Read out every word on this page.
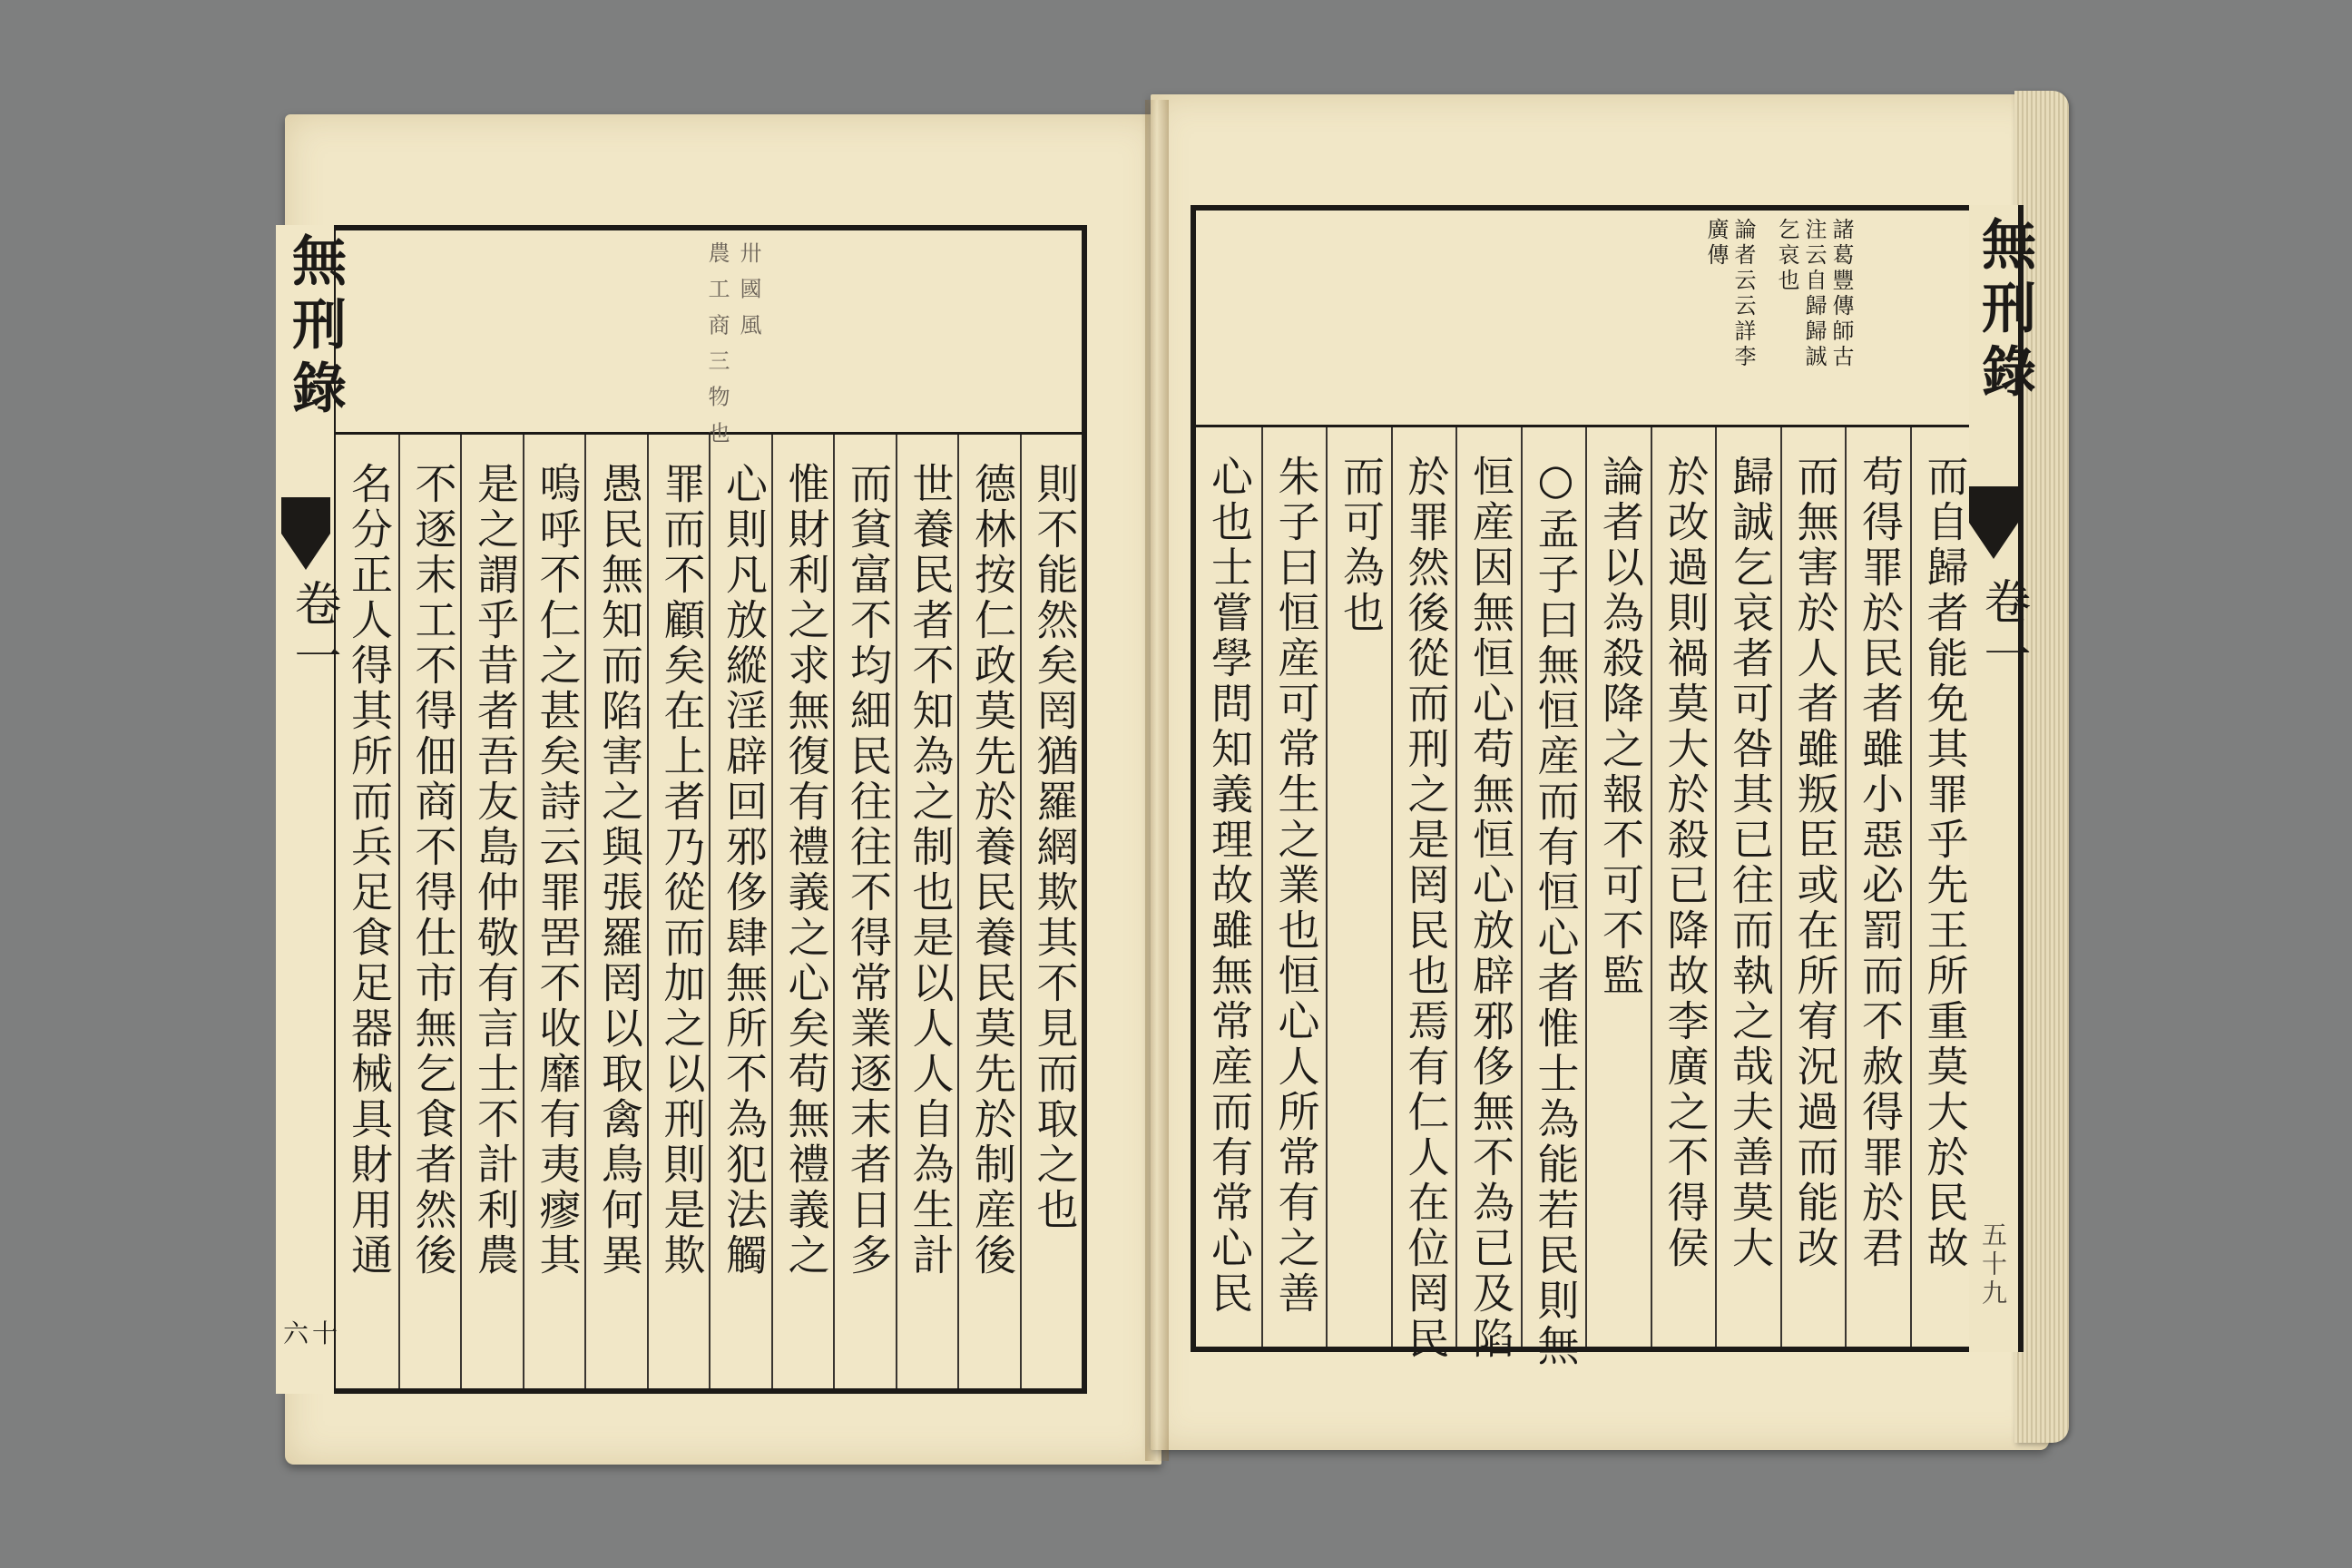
卅 國 風
農 工 商 三 物 也
則不能然矣罔猶羅網欺其不見而取之也
德林按仁政莫先於養民養民莫先於制産後
世養民者不知為之制也是以人人自為生計
而貧富不均細民往往不得常業逐末者日多
惟財利之求無復有禮義之心矣苟無禮義之
心則凡放縱淫辟回邪侈肆無所不為犯法觸
罪而不顧矣在上者乃從而加之以刑則是欺
愚民無知而陷害之與張羅罔以取禽鳥何異
嗚呼不仁之甚矣詩云罪罟不收靡有夷瘳其
是之謂乎昔者吾友島仲敬有言士不計利農
不逐末工不得佃商不得仕市無乞食者然後
名分正人得其所而兵足食足器械具財用通
無刑錄
卷一
六十
諸葛豐傳師古
注云自歸歸誠
乞哀也
論者云云詳李
廣傳
而自歸者能免其罪乎先王所重莫大於民故
苟得罪於民者雖小惡必罰而不赦得罪於君
而無害於人者雖叛臣或在所宥況過而能改
歸誠乞哀者可咎其已往而執之哉夫善莫大
於改過則禍莫大於殺已降故李廣之不得侯
論者以為殺降之報不可不監
○孟子曰無恒産而有恒心者惟士為能若民則無
恒産因無恒心苟無恒心放辟邪侈無不為已及陷
於罪然後從而刑之是罔民也焉有仁人在位罔民
而可為也
朱子曰恒産可常生之業也恒心人所常有之善
心也士嘗學問知義理故雖無常産而有常心民
無刑錄
卷一
五十九
